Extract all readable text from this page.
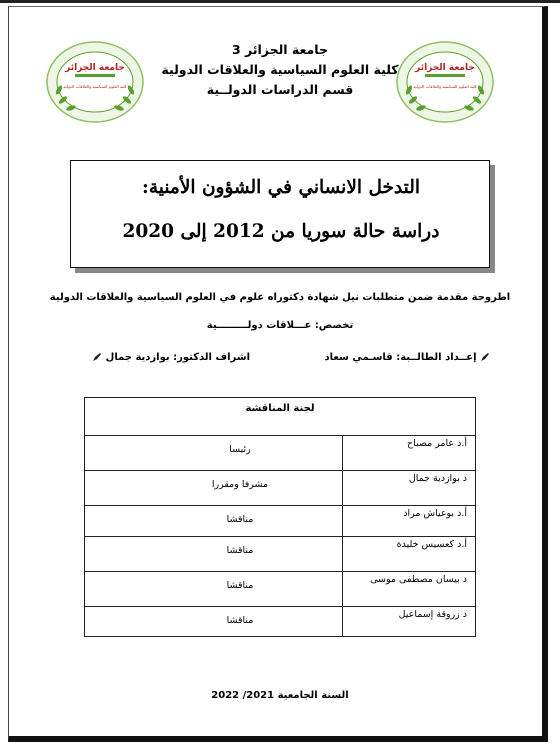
جامعة الجزائر
كلية العلوم السياسية والعلاقات الدولية
جامعة الجزائر
كلية العلوم السياسية والعلاقات الدولية
جامعة الجزائر 3
كلية العلوم السياسية والعلاقات الدولية
قسم الدراسات الدولــية
التدخل الانساني في الشؤون الأمنية:
دراسة حالة سوريا من 2012 إلى 2020
اطروحة مقدمة ضمن متطلبات نيل شهادة دكتوراه علوم في العلوم السياسية والعلاقات الدولية
تخصص: عـــلاقات دولـــــــــية
إعــداد الطالــبة: قاسـمي سعاد
اشراف الدكتور: بوازدية جمال
لجنة المناقشة
أ.د عامر مصباح
رئيسا
د بوازدية جمال
مشرفا ومقررا
أ.د بوعياش مراد
مناقشا
أ.د كعسيس خليدة
مناقشا
د بيسان مصطفى موسى
مناقشا
د زروقة إسماعيل
مناقشا
السنة الجامعية 2021/ 2022
